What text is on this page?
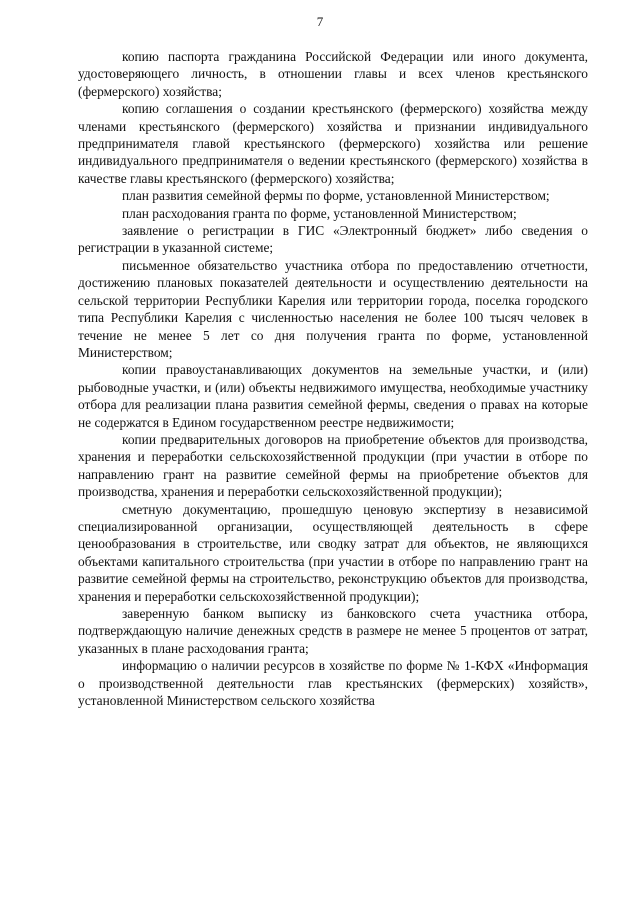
7

копию паспорта гражданина Российской Федерации или иного документа, удостоверяющего личность, в отношении главы и всех членов крестьянского (фермерского) хозяйства;

копию соглашения о создании крестьянского (фермерского) хозяйства между членами крестьянского (фермерского) хозяйства и признании индивидуального предпринимателя главой крестьянского (фермерского) хозяйства или решение индивидуального предпринимателя о ведении крестьянского (фермерского) хозяйства в качестве главы крестьянского (фермерского) хозяйства;

план развития семейной фермы по форме, установленной Министерством;

план расходования гранта по форме, установленной Министерством;

заявление о регистрации в ГИС «Электронный бюджет» либо сведения о регистрации в указанной системе;

письменное обязательство участника отбора по предоставлению отчетности, достижению плановых показателей деятельности и осуществлению деятельности на сельской территории Республики Карелия или территории города, поселка городского типа Республики Карелия с численностью населения не более 100 тысяч человек в течение не менее 5 лет со дня получения гранта по форме, установленной Министерством;

копии правоустанавливающих документов на земельные участки, и (или) рыбоводные участки, и (или) объекты недвижимого имущества, необходимые участнику отбора для реализации плана развития семейной фермы, сведения о правах на которые не содержатся в Едином государственном реестре недвижимости;

копии предварительных договоров на приобретение объектов для производства, хранения и переработки сельскохозяйственной продукции (при участии в отборе по направлению грант на развитие семейной фермы на приобретение объектов для производства, хранения и переработки сельскохозяйственной продукции);

сметную документацию, прошедшую ценовую экспертизу в независимой специализированной организации, осуществляющей деятельность в сфере ценообразования в строительстве, или сводку затрат для объектов, не являющихся объектами капитального строительства (при участии в отборе по направлению грант на развитие семейной фермы на строительство, реконструкцию объектов для производства, хранения и переработки сельскохозяйственной продукции);

заверенную банком выписку из банковского счета участника отбора, подтверждающую наличие денежных средств в размере не менее 5 процентов от затрат, указанных в плане расходования гранта;

информацию о наличии ресурсов в хозяйстве по форме № 1-КФХ «Информация о производственной деятельности глав крестьянских (фермерских) хозяйств», установленной Министерством сельского хозяйства
